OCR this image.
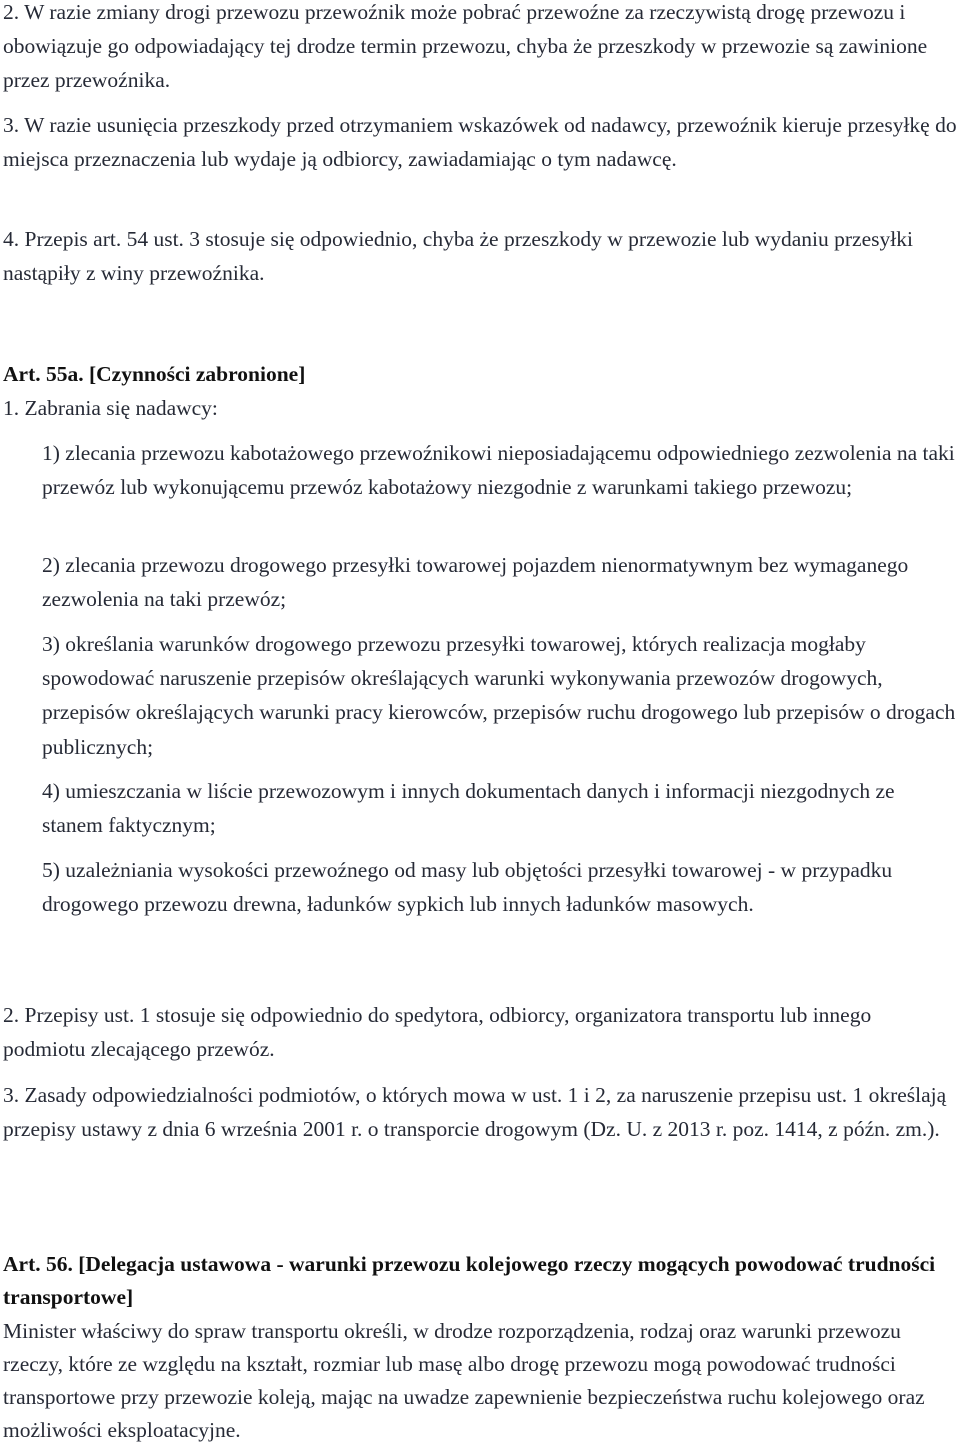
2. W razie zmiany drogi przewozu przewoźnik może pobrać przewoźne za rzeczywistą drogę przewozu i obowiązuje go odpowiadający tej drodze termin przewozu, chyba że przeszkody w przewozie są zawinione przez przewoźnika.

3. W razie usunięcia przeszkody przed otrzymaniem wskazówek od nadawcy, przewoźnik kieruje przesyłkę do miejsca przeznaczenia lub wydaje ją odbiorcy, zawiadamiając o tym nadawcę.

4. Przepis art. 54 ust. 3 stosuje się odpowiednio, chyba że przeszkody w przewozie lub wydaniu przesyłki nastąpiły z winy przewoźnika.

Art. 55a. [Czynności zabronione]

1. Zabrania się nadawcy:

1) zlecania przewozu kabotażowego przewoźnikowi nieposiadającemu odpowiedniego zezwolenia na taki przewóz lub wykonującemu przewóz kabotażowy niezgodnie z warunkami takiego przewozu;

2) zlecania przewozu drogowego przesyłki towarowej pojazdem nienormatywnym bez wymaganego zezwolenia na taki przewóz;

3) określania warunków drogowego przewozu przesyłki towarowej, których realizacja mogłaby spowodować naruszenie przepisów określających warunki wykonywania przewozów drogowych, przepisów określających warunki pracy kierowców, przepisów ruchu drogowego lub przepisów o drogach publicznych;

4) umieszczania w liście przewozowym i innych dokumentach danych i informacji niezgodnych ze stanem faktycznym;

5) uzależniania wysokości przewoźnego od masy lub objętości przesyłki towarowej - w przypadku drogowego przewozu drewna, ładunków sypkich lub innych ładunków masowych.

2. Przepisy ust. 1 stosuje się odpowiednio do spedytora, odbiorcy, organizatora transportu lub innego podmiotu zlecającego przewóz.

3. Zasady odpowiedzialności podmiotów, o których mowa w ust. 1 i 2, za naruszenie przepisu ust. 1 określają przepisy ustawy z dnia 6 września 2001 r. o transporcie drogowym (Dz. U. z 2013 r. poz. 1414, z późn. zm.).

Art. 56. [Delegacja ustawowa - warunki przewozu kolejowego rzeczy mogących powodować trudności transportowe]

Minister właściwy do spraw transportu określi, w drodze rozporządzenia, rodzaj oraz warunki przewozu rzeczy, które ze względu na kształt, rozmiar lub masę albo drogę przewozu mogą powodować trudności transportowe przy przewozie koleją, mając na uwadze zapewnienie bezpieczeństwa ruchu kolejowego oraz możliwości eksploatacyjne.
